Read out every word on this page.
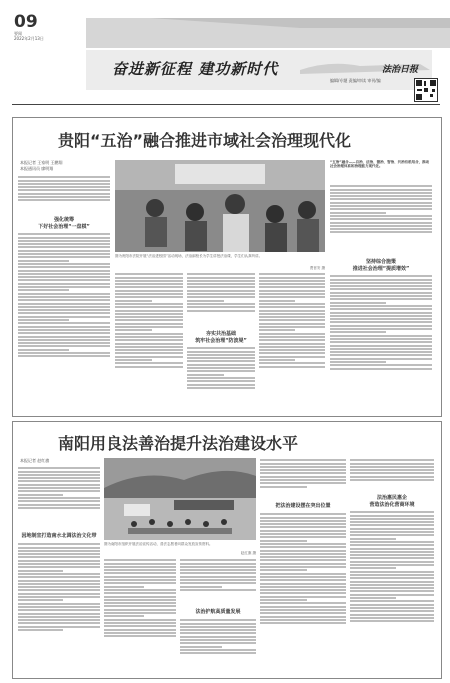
09
要闻
2022年2月13日
奋进新征程 建功新时代
编辑/专题 责编/审读 审刊/编
法治日报
贵阳“五治”融合推进市域社会治理现代化
本报记者 王家明 王鹏翔
本报通讯员 廖明翔
强化统筹
下好社会治理“一盘棋”
图为贵阳市法院开展“法治进校园”活动现场，法治副校长为学生讲授法治课，学生们认真听讲。
贾晋安 摄
夯实共治基础
筑牢社会治理“防波堤”
“五治”融合——自治、法治、德治、智治、共治有机结合，推动社会治理体系和治理能力现代化。
坚持综合施策
推进社会治理“提质增效”
南阳用良法善治提升法治建设水平
本报记者 赵红旗
因地制宜打造南水北调法治文化带
图为南阳市组织开展法治宣传活动，普法志愿者向群众发放宣传资料。
赵红旗 摄
法治护航高质量发展
把法治建设摆在突出位置
法治惠民惠企
营造法治化营商环境
